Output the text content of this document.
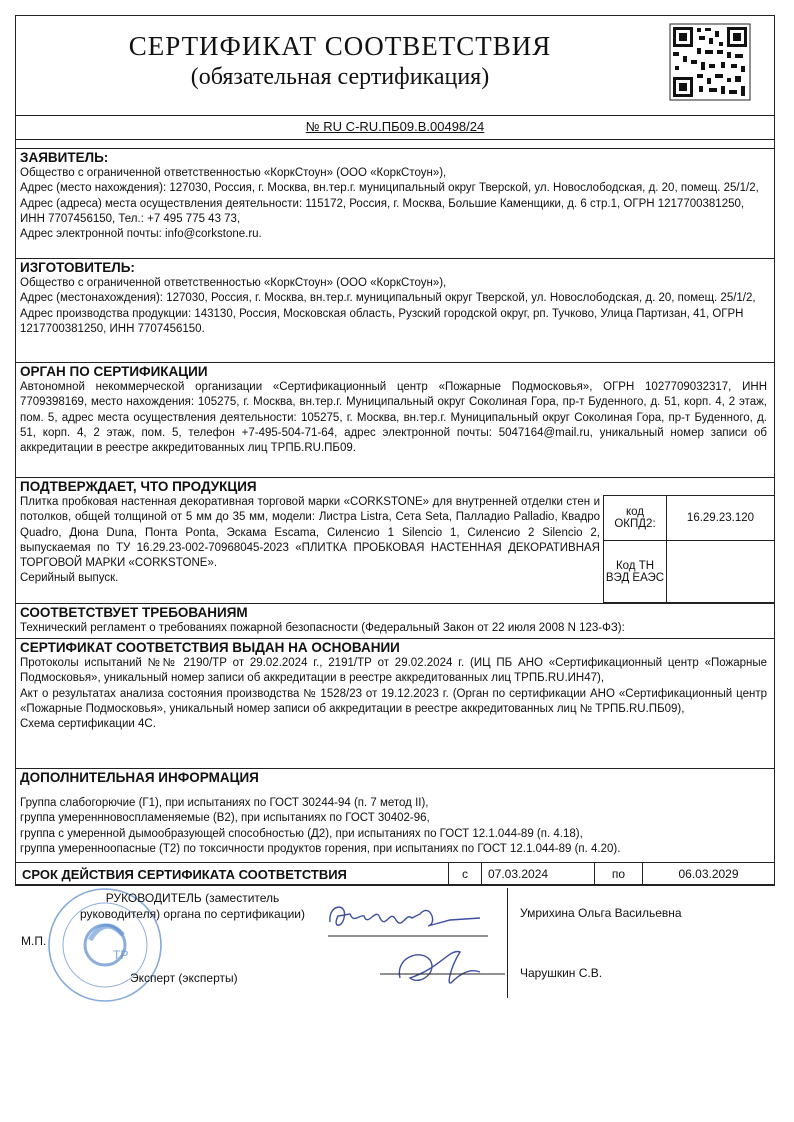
СЕРТИФИКАТ СООТВЕТСТВИЯ
(обязательная сертификация)
№ RU C-RU.ПБ09.В.00498/24
ЗАЯВИТЕЛЬ:

Общество с ограниченной ответственностью «КоркСтоун» (ООО «КоркСтоун»),

Адрес (место нахождения): 127030, Россия, г. Москва, вн.тер.г. муниципальный округ Тверской, ул. Новослободская, д. 20, помещ. 25/1/2,

Адрес (адреса) места осуществления деятельности: 115172, Россия, г. Москва, Большие Каменщики, д. 6 стр.1, ОГРН 1217700381250, ИНН 7707456150, Тел.: +7 495 775 43 73,

Адрес электронной почты: info@corkstone.ru.

ИЗГОТОВИТЕЛЬ:

Общество с ограниченной ответственностью «КоркСтоун» (ООО «КоркСтоун»),

Адрес (местонахождения): 127030, Россия, г. Москва, вн.тер.г. муниципальный округ Тверской, ул. Новослободская, д. 20, помещ. 25/1/2,

Адрес производства продукции: 143130, Россия, Московская область, Рузский городской округ, рп. Тучково, Улица Партизан, 41, ОГРН 1217700381250, ИНН 7707456150.

ОРГАН ПО СЕРТИФИКАЦИИ
Автономной некоммерческой организации «Сертификационный центр «Пожарные Подмосковья», ОГРН 1027709032317, ИНН 7709398169, место нахождения: 105275, г. Москва, вн.тер.г. Муниципальный округ Соколиная Гора, пр-т Буденного, д. 51, корп. 4, 2 этаж, пом. 5, адрес места осуществления деятельности: 105275, г. Москва, вн.тер.г. Муниципальный округ Соколиная Гора, пр-т Буденного, д. 51, корп. 4, 2 этаж, пом. 5, телефон +7-495-504-71-64, адрес электронной почты: 5047164@mail.ru, уникальный номер записи об аккредитации в реестре аккредитованных лиц ТРПБ.RU.ПБ09.
ПОДТВЕРЖДАЕТ, ЧТО ПРОДУКЦИЯ
Плитка пробковая настенная декоративная торговой марки «CORKSTONE» для внутренней отделки стен и потолков, общей толщиной от 5 мм до 35 мм, модели: Листра Listra, Сета Seta, Палладио Palladio, Квадро Quadro, Дюна Duna, Понта Ponta, Эскама Escama, Силенсио 1 Silencio 1, Силенсио 2 Silencio 2, выпускаемая по ТУ 16.29.23-002-70968045-2023 «ПЛИТКА ПРОБКОВАЯ НАСТЕННАЯ ДЕКОРАТИВНАЯ ТОРГОВОЙ МАРКИ «CORKSTONE».
Серийный выпуск.
код ОКПД2:	16.29.23.120
Код ТН ВЭД ЕАЭС	
СООТВЕТСТВУЕТ ТРЕБОВАНИЯМ
Технический регламент о требованиях пожарной безопасности (Федеральный Закон от 22 июля 2008 N 123-ФЗ):
СЕРТИФИКАТ СООТВЕТСТВИЯ ВЫДАН НА ОСНОВАНИИ

Протоколы испытаний №№ 2190/ТР от 29.02.2024 г., 2191/ТР от 29.02.2024 г. (ИЦ ПБ АНО «Сертификационный центр «Пожарные Подмосковья», уникальный номер записи об аккредитации в реестре аккредитованных лиц ТРПБ.RU.ИН47),

Акт о результатах анализа состояния производства № 1528/23 от 19.12.2023 г. (Орган по сертификации АНО «Сертификационный центр «Пожарные Подмосковья», уникальный номер записи об аккредитации в реестре аккредитованных лиц № ТРПБ.RU.ПБ09),

Схема сертификации 4С.

ДОПОЛНИТЕЛЬНАЯ ИНФОРМАЦИЯ

Группа слабогорючие (Г1), при испытаниях по ГОСТ 30244-94 (п. 7 метод II),

группа умереннновоспламеняемые (В2), при испытаниях по ГОСТ 30402-96,

группа с умеренной дымообразующей способностью (Д2), при испытаниях по ГОСТ 12.1.044-89 (п. 4.18),

группа умеренноопасные (Т2) по токсичности продуктов горения, при испытаниях по ГОСТ 12.1.044-89 (п. 4.20).

СРОК ДЕЙСТВИЯ СЕРТИФИКАТА СООТВЕТСТВИЯ	с	07.03.2024	по	06.03.2029
ТР
РУКОВОДИТЕЛЬ (заместитель руководителя) органа по сертификации)
М.П.
Эксперт (эксперты)
Умрихина Ольга Васильевна
Чарушкин С.В.
